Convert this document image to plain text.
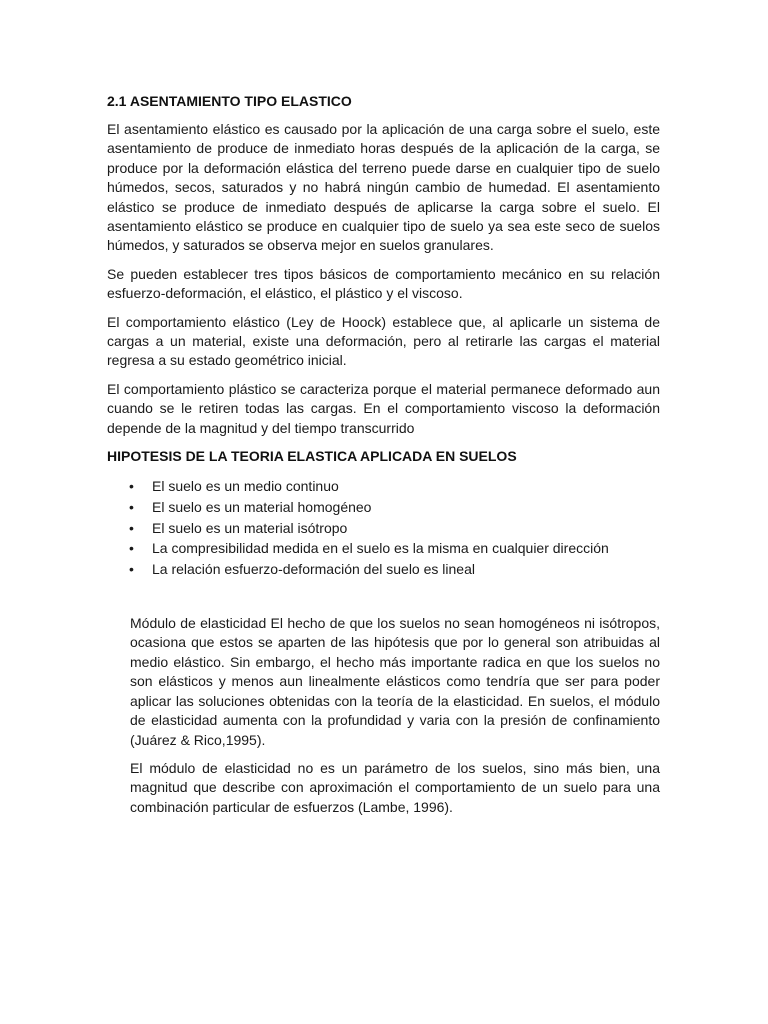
2.1 ASENTAMIENTO TIPO ELASTICO

El asentamiento elástico es causado por la aplicación de una carga sobre el suelo, este asentamiento de produce de inmediato horas después de la aplicación de la carga, se produce por la deformación elástica del terreno puede darse en cualquier tipo de suelo húmedos, secos, saturados y no habrá ningún cambio de humedad. El asentamiento elástico se produce de inmediato después de aplicarse la carga sobre el suelo. El asentamiento elástico se produce en cualquier tipo de suelo ya sea este seco de suelos húmedos, y saturados se observa mejor en suelos granulares.

Se pueden establecer tres tipos básicos de comportamiento mecánico en su relación esfuerzo-deformación, el elástico, el plástico y el viscoso.

El comportamiento elástico (Ley de Hoock) establece que, al aplicarle un sistema de cargas a un material, existe una deformación, pero al retirarle las cargas el material regresa a su estado geométrico inicial.

El comportamiento plástico se caracteriza porque el material permanece deformado aun cuando se le retiren todas las cargas. En el comportamiento viscoso la deformación depende de la magnitud y del tiempo transcurrido

HIPOTESIS DE LA TEORIA ELASTICA APLICADA EN SUELOS
• El suelo es un medio continuo
• El suelo es un material homogéneo
• El suelo es un material isótropo
• La compresibilidad medida en el suelo es la misma en cualquier dirección
• La relación esfuerzo-deformación del suelo es lineal

Módulo de elasticidad El hecho de que los suelos no sean homogéneos ni isótropos, ocasiona que estos se aparten de las hipótesis que por lo general son atribuidas al medio elástico. Sin embargo, el hecho más importante radica en que los suelos no son elásticos y menos aun linealmente elásticos como tendría que ser para poder aplicar las soluciones obtenidas con la teoría de la elasticidad. En suelos, el módulo de elasticidad aumenta con la profundidad y varia con la presión de confinamiento (Juárez & Rico,1995).

El módulo de elasticidad no es un parámetro de los suelos, sino más bien, una magnitud que describe con aproximación el comportamiento de un suelo para una combinación particular de esfuerzos (Lambe, 1996).
